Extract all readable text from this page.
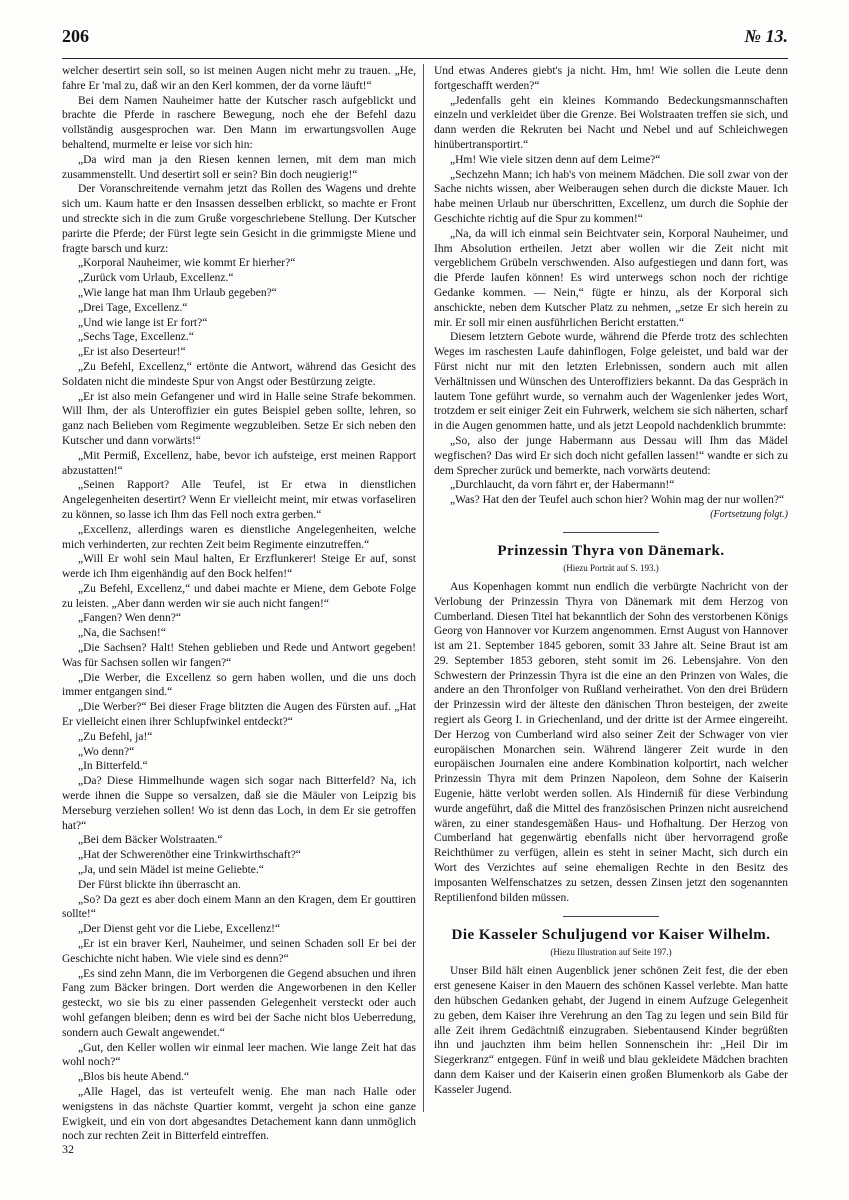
206	№ 13.

welcher desertirt sein soll, so ist meinen Augen nicht mehr zu trauen. „He, fahre Er 'mal zu, daß wir an den Kerl kommen, der da vorne läuft!“

Bei dem Namen Nauheimer hatte der Kutscher rasch aufgeblickt und brachte die Pferde in raschere Bewegung, noch ehe der Befehl dazu vollständig ausgesprochen war. Den Mann im erwartungsvollen Auge behaltend, murmelte er leise vor sich hin:

„Da wird man ja den Riesen kennen lernen, mit dem man mich zusammenstellt. Und desertirt soll er sein? Bin doch neugierig!“

Der Voranschreitende vernahm jetzt das Rollen des Wagens und drehte sich um. Kaum hatte er den Insassen desselben erblickt, so machte er Front und streckte sich in die zum Gruße vorgeschriebene Stellung. Der Kutscher parirte die Pferde; der Fürst legte sein Gesicht in die grimmigste Miene und fragte barsch und kurz:

„Korporal Nauheimer, wie kommt Er hierher?“

„Zurück vom Urlaub, Excellenz.“

„Wie lange hat man Ihm Urlaub gegeben?“

„Drei Tage, Excellenz.“

„Und wie lange ist Er fort?“

„Sechs Tage, Excellenz.“

„Er ist also Deserteur!“

„Zu Befehl, Excellenz,“ ertönte die Antwort, während das Gesicht des Soldaten nicht die mindeste Spur von Angst oder Bestürzung zeigte.

„Er ist also mein Gefangener und wird in Halle seine Strafe bekommen. Will Ihm, der als Unteroffizier ein gutes Beispiel geben sollte, lehren, so ganz nach Belieben vom Regimente wegzubleiben. Setze Er sich neben den Kutscher und dann vorwärts!“

„Mit Permiß, Excellenz, habe, bevor ich aufsteige, erst meinen Rapport abzustatten!“

„Seinen Rapport? Alle Teufel, ist Er etwa in dienstlichen Angelegenheiten desertirt? Wenn Er vielleicht meint, mir etwas vorfaseliren zu können, so lasse ich Ihm das Fell noch extra gerben.“

„Excellenz, allerdings waren es dienstliche Angelegenheiten, welche mich verhinderten, zur rechten Zeit beim Regimente einzutreffen.“

„Will Er wohl sein Maul halten, Er Erzflunkerer! Steige Er auf, sonst werde ich Ihm eigenhändig auf den Bock helfen!“

„Zu Befehl, Excellenz,“ und dabei machte er Miene, dem Gebote Folge zu leisten. „Aber dann werden wir sie auch nicht fangen!“

„Fangen? Wen denn?“

„Na, die Sachsen!“

„Die Sachsen? Halt! Stehen geblieben und Rede und Antwort gegeben! Was für Sachsen sollen wir fangen?“

„Die Werber, die Excellenz so gern haben wollen, und die uns doch immer entgangen sind.“

„Die Werber?“ Bei dieser Frage blitzten die Augen des Fürsten auf. „Hat Er vielleicht einen ihrer Schlupfwinkel entdeckt?“

„Zu Befehl, ja!“

„Wo denn?“

„In Bitterfeld.“

„Da? Diese Himmelhunde wagen sich sogar nach Bitterfeld? Na, ich werde ihnen die Suppe so versalzen, daß sie die Mäuler von Leipzig bis Merseburg verziehen sollen! Wo ist denn das Loch, in dem Er sie getroffen hat?“

„Bei dem Bäcker Wolstraaten.“

„Hat der Schwerenöther eine Trinkwirthschaft?“

„Ja, und sein Mädel ist meine Geliebte.“

Der Fürst blickte ihn überrascht an.

„So? Da gezt es aber doch einem Mann an den Kragen, dem Er gouttiren sollte!“

„Der Dienst geht vor die Liebe, Excellenz!“

„Er ist ein braver Kerl, Nauheimer, und seinen Schaden soll Er bei der Geschichte nicht haben. Wie viele sind es denn?“

„Es sind zehn Mann, die im Verborgenen die Gegend absuchen und ihren Fang zum Bäcker bringen. Dort werden die Angeworbenen in den Keller gesteckt, wo sie bis zu einer passenden Gelegenheit versteckt oder auch wohl gefangen bleiben; denn es wird bei der Sache nicht blos Ueberredung, sondern auch Gewalt angewendet.“

„Gut, den Keller wollen wir einmal leer machen. Wie lange Zeit hat das wohl noch?“

„Blos bis heute Abend.“

„Alle Hagel, das ist verteufelt wenig. Ehe man nach Halle oder wenigstens in das nächste Quartier kommt, vergeht ja schon eine ganze Ewigkeit, und ein von dort abgesandtes Detachement kann dann unmöglich noch zur rechten Zeit in Bitterfeld eintreffen.

Und etwas Anderes giebt's ja nicht. Hm, hm! Wie sollen die Leute denn fortgeschafft werden?“

„Jedenfalls geht ein kleines Kommando Bedeckungsmannschaften einzeln und verkleidet über die Grenze. Bei Wolstraaten treffen sie sich, und dann werden die Rekruten bei Nacht und Nebel und auf Schleichwegen hinübertransportirt.“

„Hm! Wie viele sitzen denn auf dem Leime?“

„Sechzehn Mann; ich hab's von meinem Mädchen. Die soll zwar von der Sache nichts wissen, aber Weiberaugen sehen durch die dickste Mauer. Ich habe meinen Urlaub nur überschritten, Excellenz, um durch die Sophie der Geschichte richtig auf die Spur zu kommen!“

„Na, da will ich einmal sein Beichtvater sein, Korporal Nauheimer, und Ihm Absolution ertheilen. Jetzt aber wollen wir die Zeit nicht mit vergeblichem Grübeln verschwenden. Also aufgestiegen und dann fort, was die Pferde laufen können! Es wird unterwegs schon noch der richtige Gedanke kommen. — Nein,“ fügte er hinzu, als der Korporal sich anschickte, neben dem Kutscher Platz zu nehmen, „setze Er sich herein zu mir. Er soll mir einen ausführlichen Bericht erstatten.“

Diesem letztern Gebote wurde, während die Pferde trotz des schlechten Weges im raschesten Laufe dahinflogen, Folge geleistet, und bald war der Fürst nicht nur mit den letzten Erlebnissen, sondern auch mit allen Verhältnissen und Wünschen des Unteroffiziers bekannt. Da das Gespräch in lautem Tone geführt wurde, so vernahm auch der Wagenlenker jedes Wort, trotzdem er seit einiger Zeit ein Fuhrwerk, welchem sie sich näherten, scharf in die Augen genommen hatte, und als jetzt Leopold nachdenklich brummte:

„So, also der junge Habermann aus Dessau will Ihm das Mädel wegfischen? Das wird Er sich doch nicht gefallen lassen!“ wandte er sich zu dem Sprecher zurück und bemerkte, nach vorwärts deutend:

„Durchlaucht, da vorn fährt er, der Habermann!“

„Was? Hat den der Teufel auch schon hier? Wohin mag der nur wollen?“

(Fortsetzung folgt.)

Prinzessin Thyra von Dänemark.

(Hiezu Porträt auf S. 193.)

Aus Kopenhagen kommt nun endlich die verbürgte Nachricht von der Verlobung der Prinzessin Thyra von Dänemark mit dem Herzog von Cumberland. Diesen Titel hat bekanntlich der Sohn des verstorbenen Königs Georg von Hannover vor Kurzem angenommen. Ernst August von Hannover ist am 21. September 1845 geboren, somit 33 Jahre alt. Seine Braut ist am 29. September 1853 geboren, steht somit im 26. Lebensjahre. Von den Schwestern der Prinzessin Thyra ist die eine an den Prinzen von Wales, die andere an den Thronfolger von Rußland verheirathet. Von den drei Brüdern der Prinzessin wird der älteste den dänischen Thron besteigen, der zweite regiert als Georg I. in Griechenland, und der dritte ist der Armee eingereiht. Der Herzog von Cumberland wird also seiner Zeit der Schwager von vier europäischen Monarchen sein. Während längerer Zeit wurde in den europäischen Journalen eine andere Kombination kolportirt, nach welcher Prinzessin Thyra mit dem Prinzen Napoleon, dem Sohne der Kaiserin Eugenie, hätte verlobt werden sollen. Als Hinderniß für diese Verbindung wurde angeführt, daß die Mittel des französischen Prinzen nicht ausreichend wären, zu einer standesgemäßen Haus- und Hofhaltung. Der Herzog von Cumberland hat gegenwärtig ebenfalls nicht über hervorragend große Reichthümer zu verfügen, allein es steht in seiner Macht, sich durch ein Wort des Verzichtes auf seine ehemaligen Rechte in den Besitz des imposanten Welfenschatzes zu setzen, dessen Zinsen jetzt den sogenannten Reptilienfond bilden müssen.

Die Kasseler Schuljugend vor Kaiser Wilhelm.

(Hiezu Illustration auf Seite 197.)

Unser Bild hält einen Augenblick jener schönen Zeit fest, die der eben erst genesene Kaiser in den Mauern des schönen Kassel verlebte. Man hatte den hübschen Gedanken gehabt, der Jugend in einem Aufzuge Gelegenheit zu geben, dem Kaiser ihre Verehrung an den Tag zu legen und sein Bild für alle Zeit ihrem Gedächtniß einzugraben. Siebentausend Kinder begrüßten ihn und jauchzten ihm beim hellen Sonnenschein ihr: „Heil Dir im Siegerkranz“ entgegen. Fünf in weiß und blau gekleidete Mädchen brachten dann dem Kaiser und der Kaiserin einen großen Blumenkorb als Gabe der Kasseler Jugend.

32
